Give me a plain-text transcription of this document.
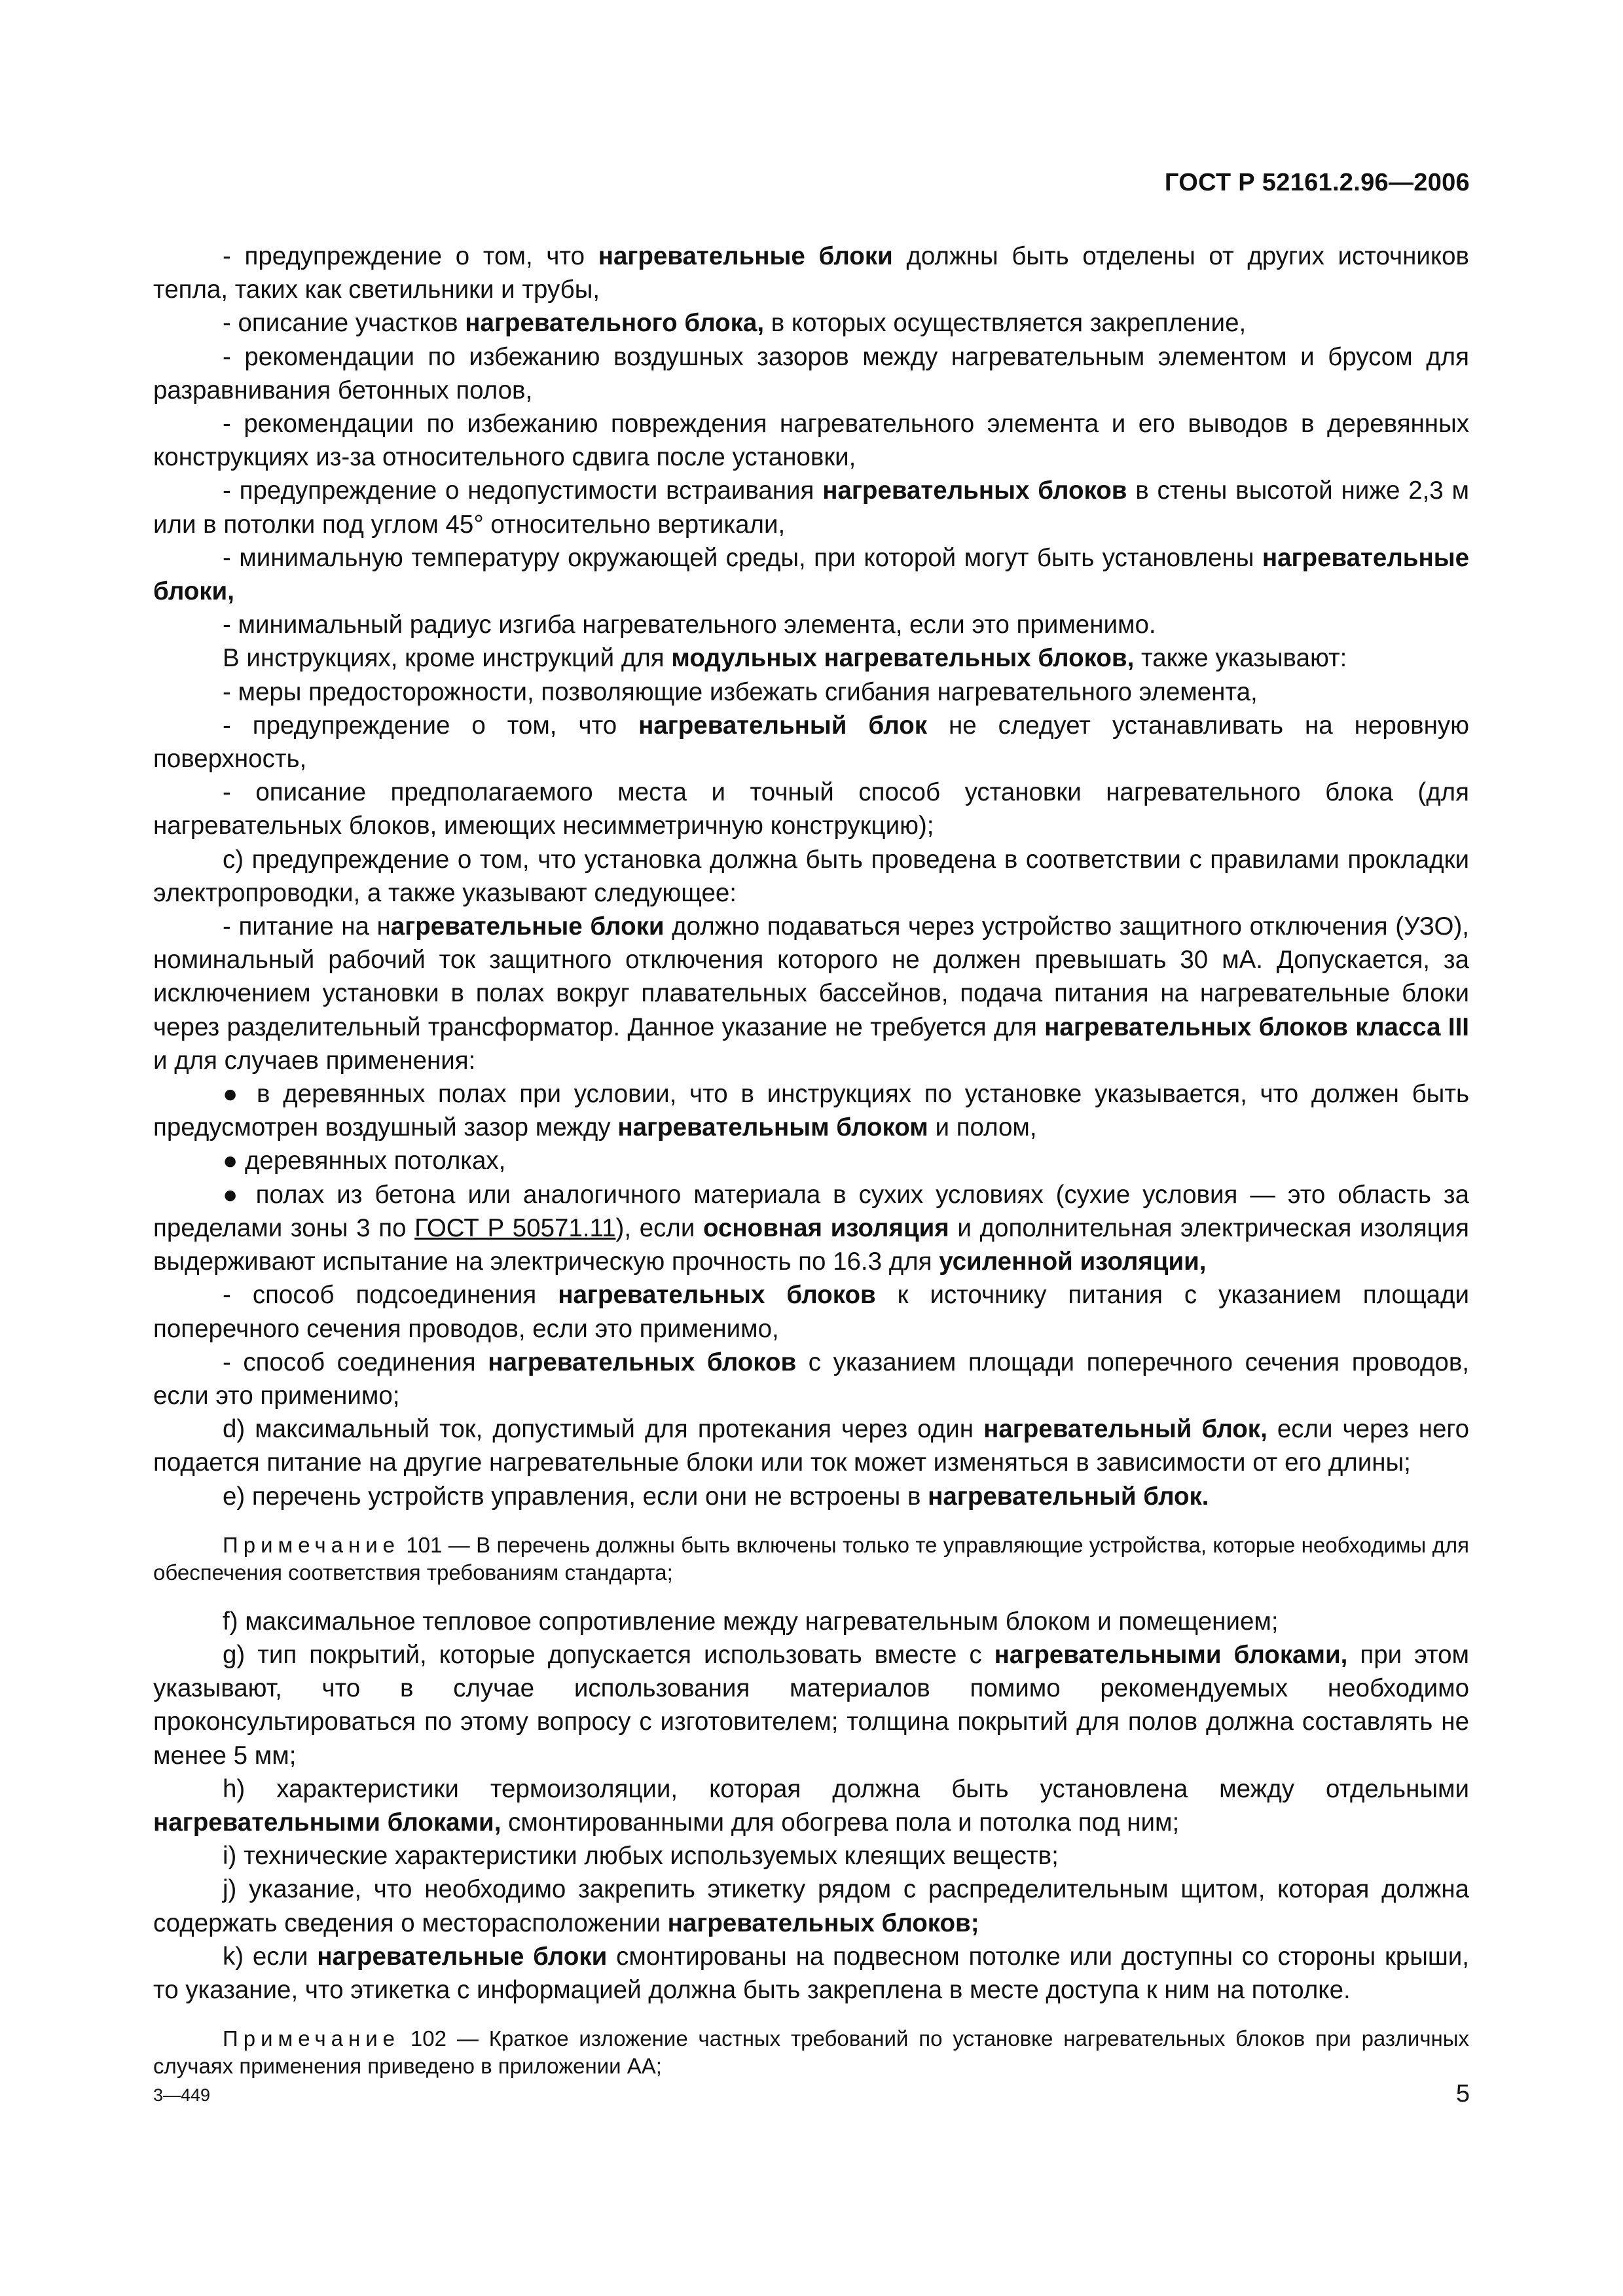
ГОСТ Р 52161.2.96—2006

- предупреждение о том, что нагревательные блоки должны быть отделены от других источников тепла, таких как светильники и трубы,

- описание участков нагревательного блока, в которых осуществляется закрепление,

- рекомендации по избежанию воздушных зазоров между нагревательным элементом и брусом для разравнивания бетонных полов,

- рекомендации по избежанию повреждения нагревательного элемента и его выводов в деревянных конструкциях из-за относительного сдвига после установки,

- предупреждение о недопустимости встраивания нагревательных блоков в стены высотой ниже 2,3 м или в потолки под углом 45° относительно вертикали,

- минимальную температуру окружающей среды, при которой могут быть установлены нагревательные блоки,

- минимальный радиус изгиба нагревательного элемента, если это применимо.

В инструкциях, кроме инструкций для модульных нагревательных блоков, также указывают:

- меры предосторожности, позволяющие избежать сгибания нагревательного элемента,

- предупреждение о том, что нагревательный блок не следует устанавливать на неровную поверхность,

- описание предполагаемого места и точный способ установки нагревательного блока (для нагревательных блоков, имеющих несимметричную конструкцию);

c) предупреждение о том, что установка должна быть проведена в соответствии с правилами прокладки электропроводки, а также указывают следующее:

- питание на нагревательные блоки должно подаваться через устройство защитного отключения (УЗО), номинальный рабочий ток защитного отключения которого не должен превышать 30 мА. Допускается, за исключением установки в полах вокруг плавательных бассейнов, подача питания на нагревательные блоки через разделительный трансформатор. Данное указание не требуется для нагревательных блоков класса III и для случаев применения:

● в деревянных полах при условии, что в инструкциях по установке указывается, что должен быть предусмотрен воздушный зазор между нагревательным блоком и полом,

● деревянных потолках,

● полах из бетона или аналогичного материала в сухих условиях (сухие условия — это область за пределами зоны 3 по ГОСТ Р 50571.11), если основная изоляция и дополнительная электрическая изоляция выдерживают испытание на электрическую прочность по 16.3 для усиленной изоляции,

- способ подсоединения нагревательных блоков к источнику питания с указанием площади поперечного сечения проводов, если это применимо,

- способ соединения нагревательных блоков с указанием площади поперечного сечения проводов, если это применимо;

d) максимальный ток, допустимый для протекания через один нагревательный блок, если через него подается питание на другие нагревательные блоки или ток может изменяться в зависимости от его длины;

e) перечень устройств управления, если они не встроены в нагревательный блок.

Примечание 101 — В перечень должны быть включены только те управляющие устройства, которые необходимы для обеспечения соответствия требованиям стандарта;

f) максимальное тепловое сопротивление между нагревательным блоком и помещением;

g) тип покрытий, которые допускается использовать вместе с нагревательными блоками, при этом указывают, что в случае использования материалов помимо рекомендуемых необходимо проконсультироваться по этому вопросу с изготовителем; толщина покрытий для полов должна составлять не менее 5 мм;

h) характеристики термоизоляции, которая должна быть установлена между отдельными нагревательными блоками, смонтированными для обогрева пола и потолка под ним;

i) технические характеристики любых используемых клеящих веществ;

j) указание, что необходимо закрепить этикетку рядом с распределительным щитом, которая должна содержать сведения о месторасположении нагревательных блоков;

k) если нагревательные блоки смонтированы на подвесном потолке или доступны со стороны крыши, то указание, что этикетка с информацией должна быть закреплена в месте доступа к ним на потолке.

Примечание 102 — Краткое изложение частных требований по установке нагревательных блоков при различных случаях применения приведено в приложении АА;

3—449	5
